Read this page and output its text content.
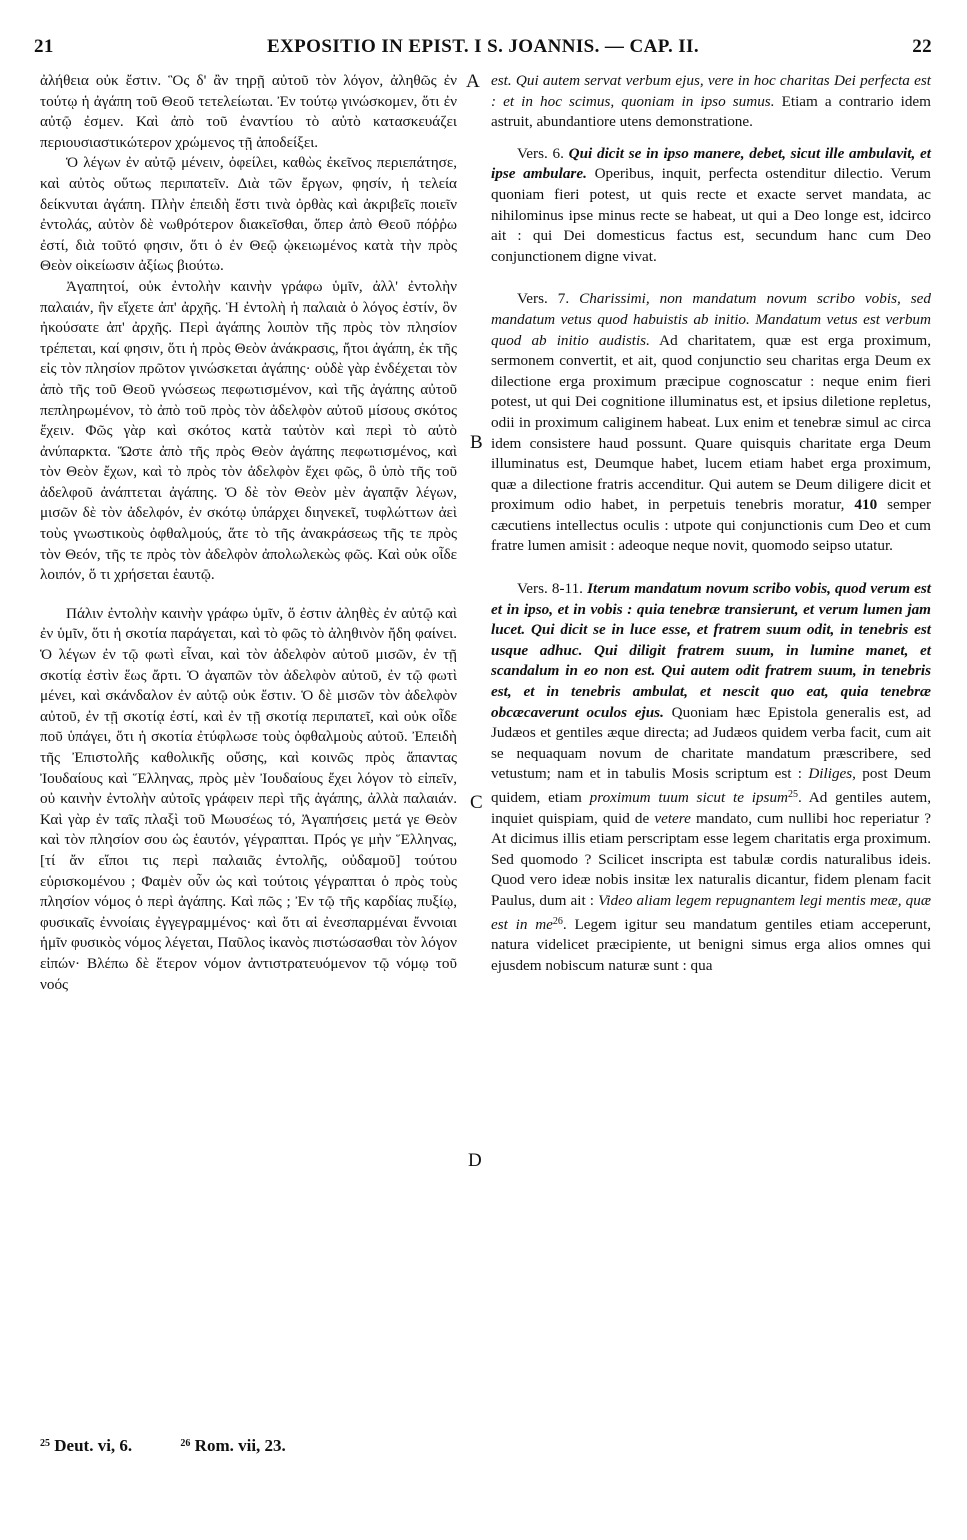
21	EXPOSITIO IN EPIST. I S. JOANNIS. — CAP. II.	22

ἀλήθεια οὐκ ἔστιν. Ὃς δ' ἂν τηρῇ αὐτοῦ τὸν λόγον, ἀληθῶς ἐν τούτῳ ἡ ἀγάπη τοῦ Θεοῦ τετελείωται. Ἐν τούτῳ γινώσκομεν, ὅτι ἐν αὐτῷ ἐσμεν. Καὶ ἀπὸ τοῦ ἐναντίου τὸ αὐτὸ κατασκευάζει περιουσιαστικώτερον χρώμενος τῇ ἀποδείξει.

Ὁ λέγων ἐν αὐτῷ μένειν, ὀφείλει, καθὼς ἐκεῖνος περιεπάτησε, καὶ αὐτὸς οὕτως περιπατεῖν. Διὰ τῶν ἔργων, φησίν, ἡ τελεία δείκνυται ἀγάπη. Πλὴν ἐπειδὴ ἔστι τινὰ ὀρθὰς καὶ ἀκριβεῖς ποιεῖν ἐντολάς, αὐτὸν δὲ νωθρότερον διακεῖσθαι, ὅπερ ἀπὸ Θεοῦ πόῤῥω ἐστί, διὰ τοῦτό φησιν, ὅτι ὁ ἐν Θεῷ ᾠκειωμένος κατὰ τὴν πρὸς Θεὸν οἰκείωσιν ἀξίως βιούτω.

Ἀγαπητοί, οὐκ ἐντολὴν καινὴν γράφω ὑμῖν, ἀλλ' ἐντολὴν παλαιάν, ἣν εἴχετε ἀπ' ἀρχῆς. Ἡ ἐντολὴ ἡ παλαιὰ ὁ λόγος ἐστίν, ὃν ἠκούσατε ἀπ' ἀρχῆς. Περὶ ἀγάπης λοιπὸν τῆς πρὸς τὸν πλησίον τρέπεται, καί φησιν, ὅτι ἡ πρὸς Θεὸν ἀνάκρασις, ἤτοι ἀγάπη, ἐκ τῆς εἰς τὸν πλησίον πρῶτον γινώσκεται ἀγάπης· οὐδὲ γὰρ ἐνδέχεται τὸν ἀπὸ τῆς τοῦ Θεοῦ γνώσεως πεφωτισμένον, καὶ τῆς ἀγάπης αὐτοῦ πεπληρωμένον, τὸ ἀπὸ τοῦ πρὸς τὸν ἀδελφὸν αὐτοῦ μίσους σκότος ἔχειν. Φῶς γὰρ καὶ σκότος κατὰ ταὐτὸν καὶ περὶ τὸ αὐτὸ ἀνύπαρκτα. Ὥστε ἀπὸ τῆς πρὸς Θεὸν ἀγάπης πεφωτισμένος, καὶ τὸν Θεὸν ἔχων, καὶ τὸ πρὸς τὸν ἀδελφὸν ἔχει φῶς, ὃ ὑπὸ τῆς τοῦ ἀδελφοῦ ἀνάπτεται ἀγάπης. Ὁ δὲ τὸν Θεὸν μὲν ἀγαπᾷν λέγων, μισῶν δὲ τὸν ἀδελφόν, ἐν σκότῳ ὑπάρχει διηνεκεῖ, τυφλώττων ἀεὶ τοὺς γνωστικοὺς ὀφθαλμούς, ἅτε τὸ τῆς ἀνακράσεως τῆς τε πρὸς τὸν Θεόν, τῆς τε πρὸς τὸν ἀδελφὸν ἀπολωλεκὼς φῶς. Καὶ οὐκ οἶδε λοιπόν, ὅ τι χρήσεται ἑαυτῷ.

Πάλιν ἐντολὴν καινὴν γράφω ὑμῖν, ὅ ἐστιν ἀληθὲς ἐν αὐτῷ καὶ ἐν ὑμῖν, ὅτι ἡ σκοτία παράγεται, καὶ τὸ φῶς τὸ ἀληθινὸν ἤδη φαίνει. Ὁ λέγων ἐν τῷ φωτὶ εἶναι, καὶ τὸν ἀδελφὸν αὐτοῦ μισῶν, ἐν τῇ σκοτίᾳ ἐστὶν ἕως ἄρτι. Ὁ ἀγαπῶν τὸν ἀδελφὸν αὐτοῦ, ἐν τῷ φωτὶ μένει, καὶ σκάνδαλον ἐν αὐτῷ οὐκ ἔστιν. Ὁ δὲ μισῶν τὸν ἀδελφὸν αὐτοῦ, ἐν τῇ σκοτίᾳ ἐστί, καὶ ἐν τῇ σκοτίᾳ περιπατεῖ, καὶ οὐκ οἶδε ποῦ ὑπάγει, ὅτι ἡ σκοτία ἐτύφλωσε τοὺς ὀφθαλμοὺς αὐτοῦ. Ἐπειδὴ τῆς Ἐπιστολῆς καθολικῆς οὔσης, καὶ κοινῶς πρὸς ἅπαντας Ἰουδαίους καὶ Ἕλληνας, πρὸς μὲν Ἰουδαίους ἔχει λόγον τὸ εἰπεῖν, οὐ καινὴν ἐντολὴν αὐτοῖς γράφειν περὶ τῆς ἀγάπης, ἀλλὰ παλαιάν. Καὶ γὰρ ἐν ταῖς πλαξὶ τοῦ Μωυσέως τό, Ἀγαπήσεις μετά γε Θεὸν καὶ τὸν πλησίον σου ὡς ἑαυτόν, γέγραπται. Πρός γε μὴν Ἕλληνας, [τί ἄν εἴποι τις περὶ παλαιᾶς ἐντολῆς, οὐδαμοῦ] τούτου εὑρισκομένου ; Φαμὲν οὖν ὡς καὶ τούτοις γέγραπται ὁ πρὸς τοὺς πλησίον νόμος ὁ περὶ ἀγάπης. Καὶ πῶς ; Ἐν τῷ τῆς καρδίας πυξίῳ, φυσικαῖς ἐννοίαις ἐγγεγραμμένος· καὶ ὅτι αἱ ἐνεσπαρμέναι ἔννοιαι ἡμῖν φυσικὸς νόμος λέγεται, Παῦλος ἱκανὸς πιστώσασθαι τὸν λόγον εἰπών· Βλέπω δὲ ἕτερον νόμον ἀντιστρατευόμενον τῷ νόμῳ τοῦ νοός

A
B
C
D

est. Qui autem servat verbum ejus, vere in hoc charitas Dei perfecta est : et in hoc scimus, quoniam in ipso sumus. Etiam a contrario idem astruit, abundantiore utens demonstratione.

Vers. 6. Qui dicit se in ipso manere, debet, sicut ille ambulavit, et ipse ambulare. Operibus, inquit, perfecta ostenditur dilectio. Verum quoniam fieri potest, ut quis recte et exacte servet mandata, ac nihilominus ipse minus recte se habeat, ut qui a Deo longe est, idcirco ait : qui Dei domesticus factus est, secundum hanc cum Deo conjunctionem digne vivat.

Vers. 7. Charissimi, non mandatum novum scribo vobis, sed mandatum vetus quod habuistis ab initio. Mandatum vetus est verbum quod ab initio audistis. Ad charitatem, quæ est erga proximum, sermonem convertit, et ait, quod conjunctio seu charitas erga Deum ex dilectione erga proximum præcipue cognoscatur : neque enim fieri potest, ut qui Dei cognitione illuminatus est, et ipsius diletione repletus, odii in proximum caliginem habeat. Lux enim et tenebræ simul ac circa idem consistere haud possunt. Quare quisquis charitate erga Deum illuminatus est, Deumque habet, lucem etiam habet erga proximum, quæ a dilectione fratris accenditur. Qui autem se Deum diligere dicit et proximum odio habet, in perpetuis tenebris moratur, 410 semper cæcutiens intellectus oculis : utpote qui conjunctionis cum Deo et cum fratre lumen amisit : adeoque neque novit, quomodo seipso utatur.

Vers. 8-11. Iterum mandatum novum scribo vobis, quod verum est et in ipso, et in vobis : quia tenebræ transierunt, et verum lumen jam lucet. Qui dicit se in luce esse, et fratrem suum odit, in tenebris est usque adhuc. Qui diligit fratrem suum, in lumine manet, et scandalum in eo non est. Qui autem odit fratrem suum, in tenebris est, et in tenebris ambulat, et nescit quo eat, quia tenebræ obcæcaverunt oculos ejus. Quoniam hæc Epistola generalis est, ad Judæos et gentiles æque directa; ad Judæos quidem verba facit, cum ait se nequaquam novum de charitate mandatum præscribere, sed vetustum; nam et in tabulis Mosis scriptum est : Diliges, post Deum quidem, etiam proximum tuum sicut te ipsum$^{25}$. Ad gentiles autem, inquiet quispiam, quid de vetere mandato, cum nullibi hoc reperiatur ? At dicimus illis etiam perscriptam esse legem charitatis erga proximum. Sed quomodo ? Scilicet inscripta est tabulæ cordis naturalibus ideis. Quod vero ideæ nobis insitæ lex naturalis dicantur, fidem plenam facit Paulus, dum ait : Video aliam legem repugnantem legi mentis meæ, quæ est in $me^{26}$. Legem igitur seu mandatum gentiles etiam acceperunt, natura videlicet præcipiente, ut benigni simus erga alios omnes qui ejusdem nobiscum naturæ sunt : qua

$^{25}$ Deut. vi, 6.	$^{26}$ Rom. vii, 23.
